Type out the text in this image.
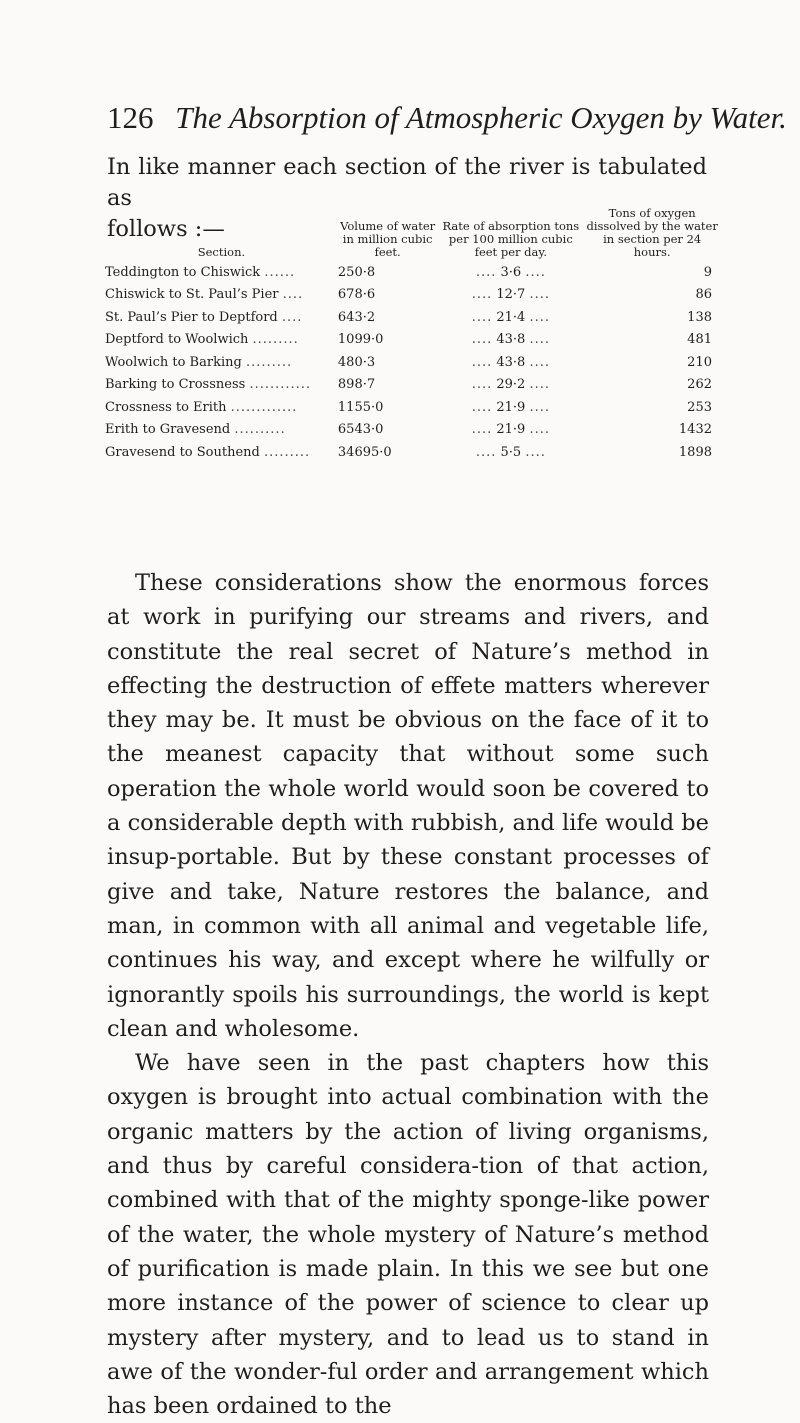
126 The Absorption of Atmospheric Oxygen by Water.

In like manner each section of the river is tabulated as

follows :—

Section.	Volume of water in million cubic feet.	Rate of absorption tons per 100 million cubic feet per day.	Tons of oxygen dissolved by the water in section per 24 hours.
Teddington to Chiswick ......	250·8	.... 3·6 ....	9
Chiswick to St. Paul’s Pier ....	678·6	.... 12·7 ....	86
St. Paul’s Pier to Deptford ....	643·2	.... 21·4 ....	138
Deptford to Woolwich .........	1099·0	.... 43·8 ....	481
Woolwich to Barking .........	480·3	.... 43·8 ....	210
Barking to Crossness ............	898·7	.... 29·2 ....	262
Crossness to Erith .............	1155·0	.... 21·9 ....	253
Erith to Gravesend ..........	6543·0	.... 21·9 ....	1432
Gravesend to Southend .........	34695·0	.... 5·5 ....	1898

These considerations show the enormous forces at work in purifying our streams and rivers, and constitute the real secret of Nature’s method in effecting the destruction of effete matters wherever they may be. It must be obvious on the face of it to the meanest capacity that without some such operation the whole world would soon be covered to a considerable depth with rubbish, and life would be insup-portable. But by these constant processes of give and take, Nature restores the balance, and man, in common with all animal and vegetable life, continues his way, and except where he wilfully or ignorantly spoils his surroundings, the world is kept clean and wholesome.

We have seen in the past chapters how this oxygen is brought into actual combination with the organic matters by the action of living organisms, and thus by careful considera-tion of that action, combined with that of the mighty sponge-like power of the water, the whole mystery of Nature’s method of purification is made plain. In this we see but one more instance of the power of science to clear up mystery after mystery, and to lead us to stand in awe of the wonder-ful order and arrangement which has been ordained to the
